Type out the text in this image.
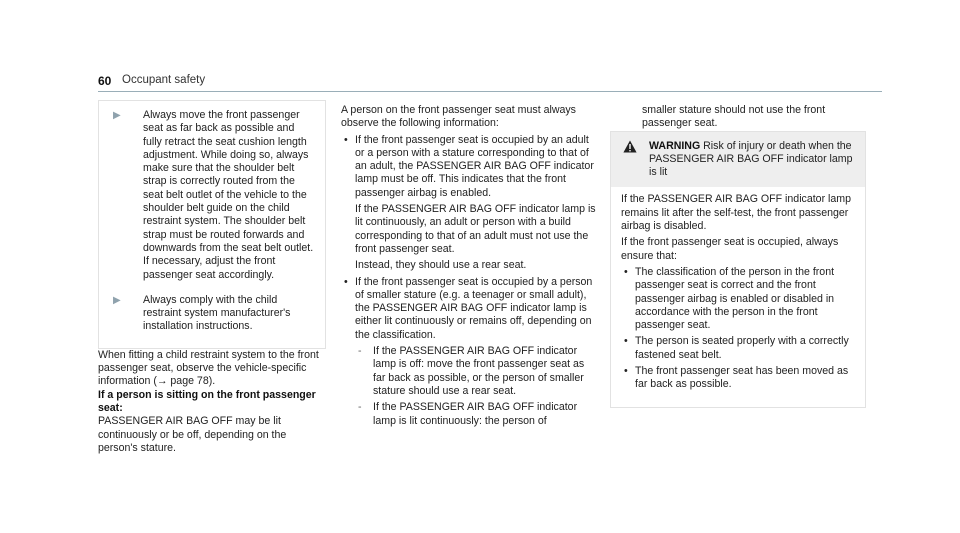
60 Occupant safety
▶	Always move the front passenger seat as far back as possible and fully retract the seat cushion length adjustment. While doing so, always make sure that the shoulder belt strap is correctly routed from the seat belt outlet of the vehicle to the shoulder belt guide on the child restraint system. The shoulder belt strap must be routed forwards and downwards from the seat belt outlet. If necessary, adjust the front passenger seat accordingly.
▶	Always comply with the child restraint system manufacturer's installation instructions.

When fitting a child restraint system to the front passenger seat, observe the vehicle-specific information (→ page 78).

If a person is sitting on the front passenger seat:

PASSENGER AIR BAG OFF may be lit continuously or be off, depending on the person's stature.

A person on the front passenger seat must always observe the following information:

• If the front passenger seat is occupied by an adult or a person with a stature corresponding to that of an adult, the PASSENGER AIR BAG OFF indicator lamp must be off. This indicates that the front passenger airbag is enabled.

If the PASSENGER AIR BAG OFF indicator lamp is lit continuously, an adult or person with a build corresponding to that of an adult must not use the front passenger seat.

Instead, they should use a rear seat.

• If the front passenger seat is occupied by a person of smaller stature (e.g. a teenager or small adult), the PASSENGER AIR BAG OFF indicator lamp is either lit continuously or remains off, depending on the classification.

- If the PASSENGER AIR BAG OFF indicator lamp is off: move the front passenger seat as far back as possible, or the person of smaller stature should use a rear seat.
- If the PASSENGER AIR BAG OFF indicator lamp is lit continuously: the person of

smaller stature should not use the front passenger seat.

WARNING Risk of injury or death when the PASSENGER AIR BAG OFF indicator lamp is lit

If the PASSENGER AIR BAG OFF indicator lamp remains lit after the self-test, the front passenger airbag is disabled.

If the front passenger seat is occupied, always ensure that:

• The classification of the person in the front passenger seat is correct and the front passenger airbag is enabled or disabled in accordance with the person in the front passenger seat.
• The person is seated properly with a correctly fastened seat belt.
• The front passenger seat has been moved as far back as possible.
